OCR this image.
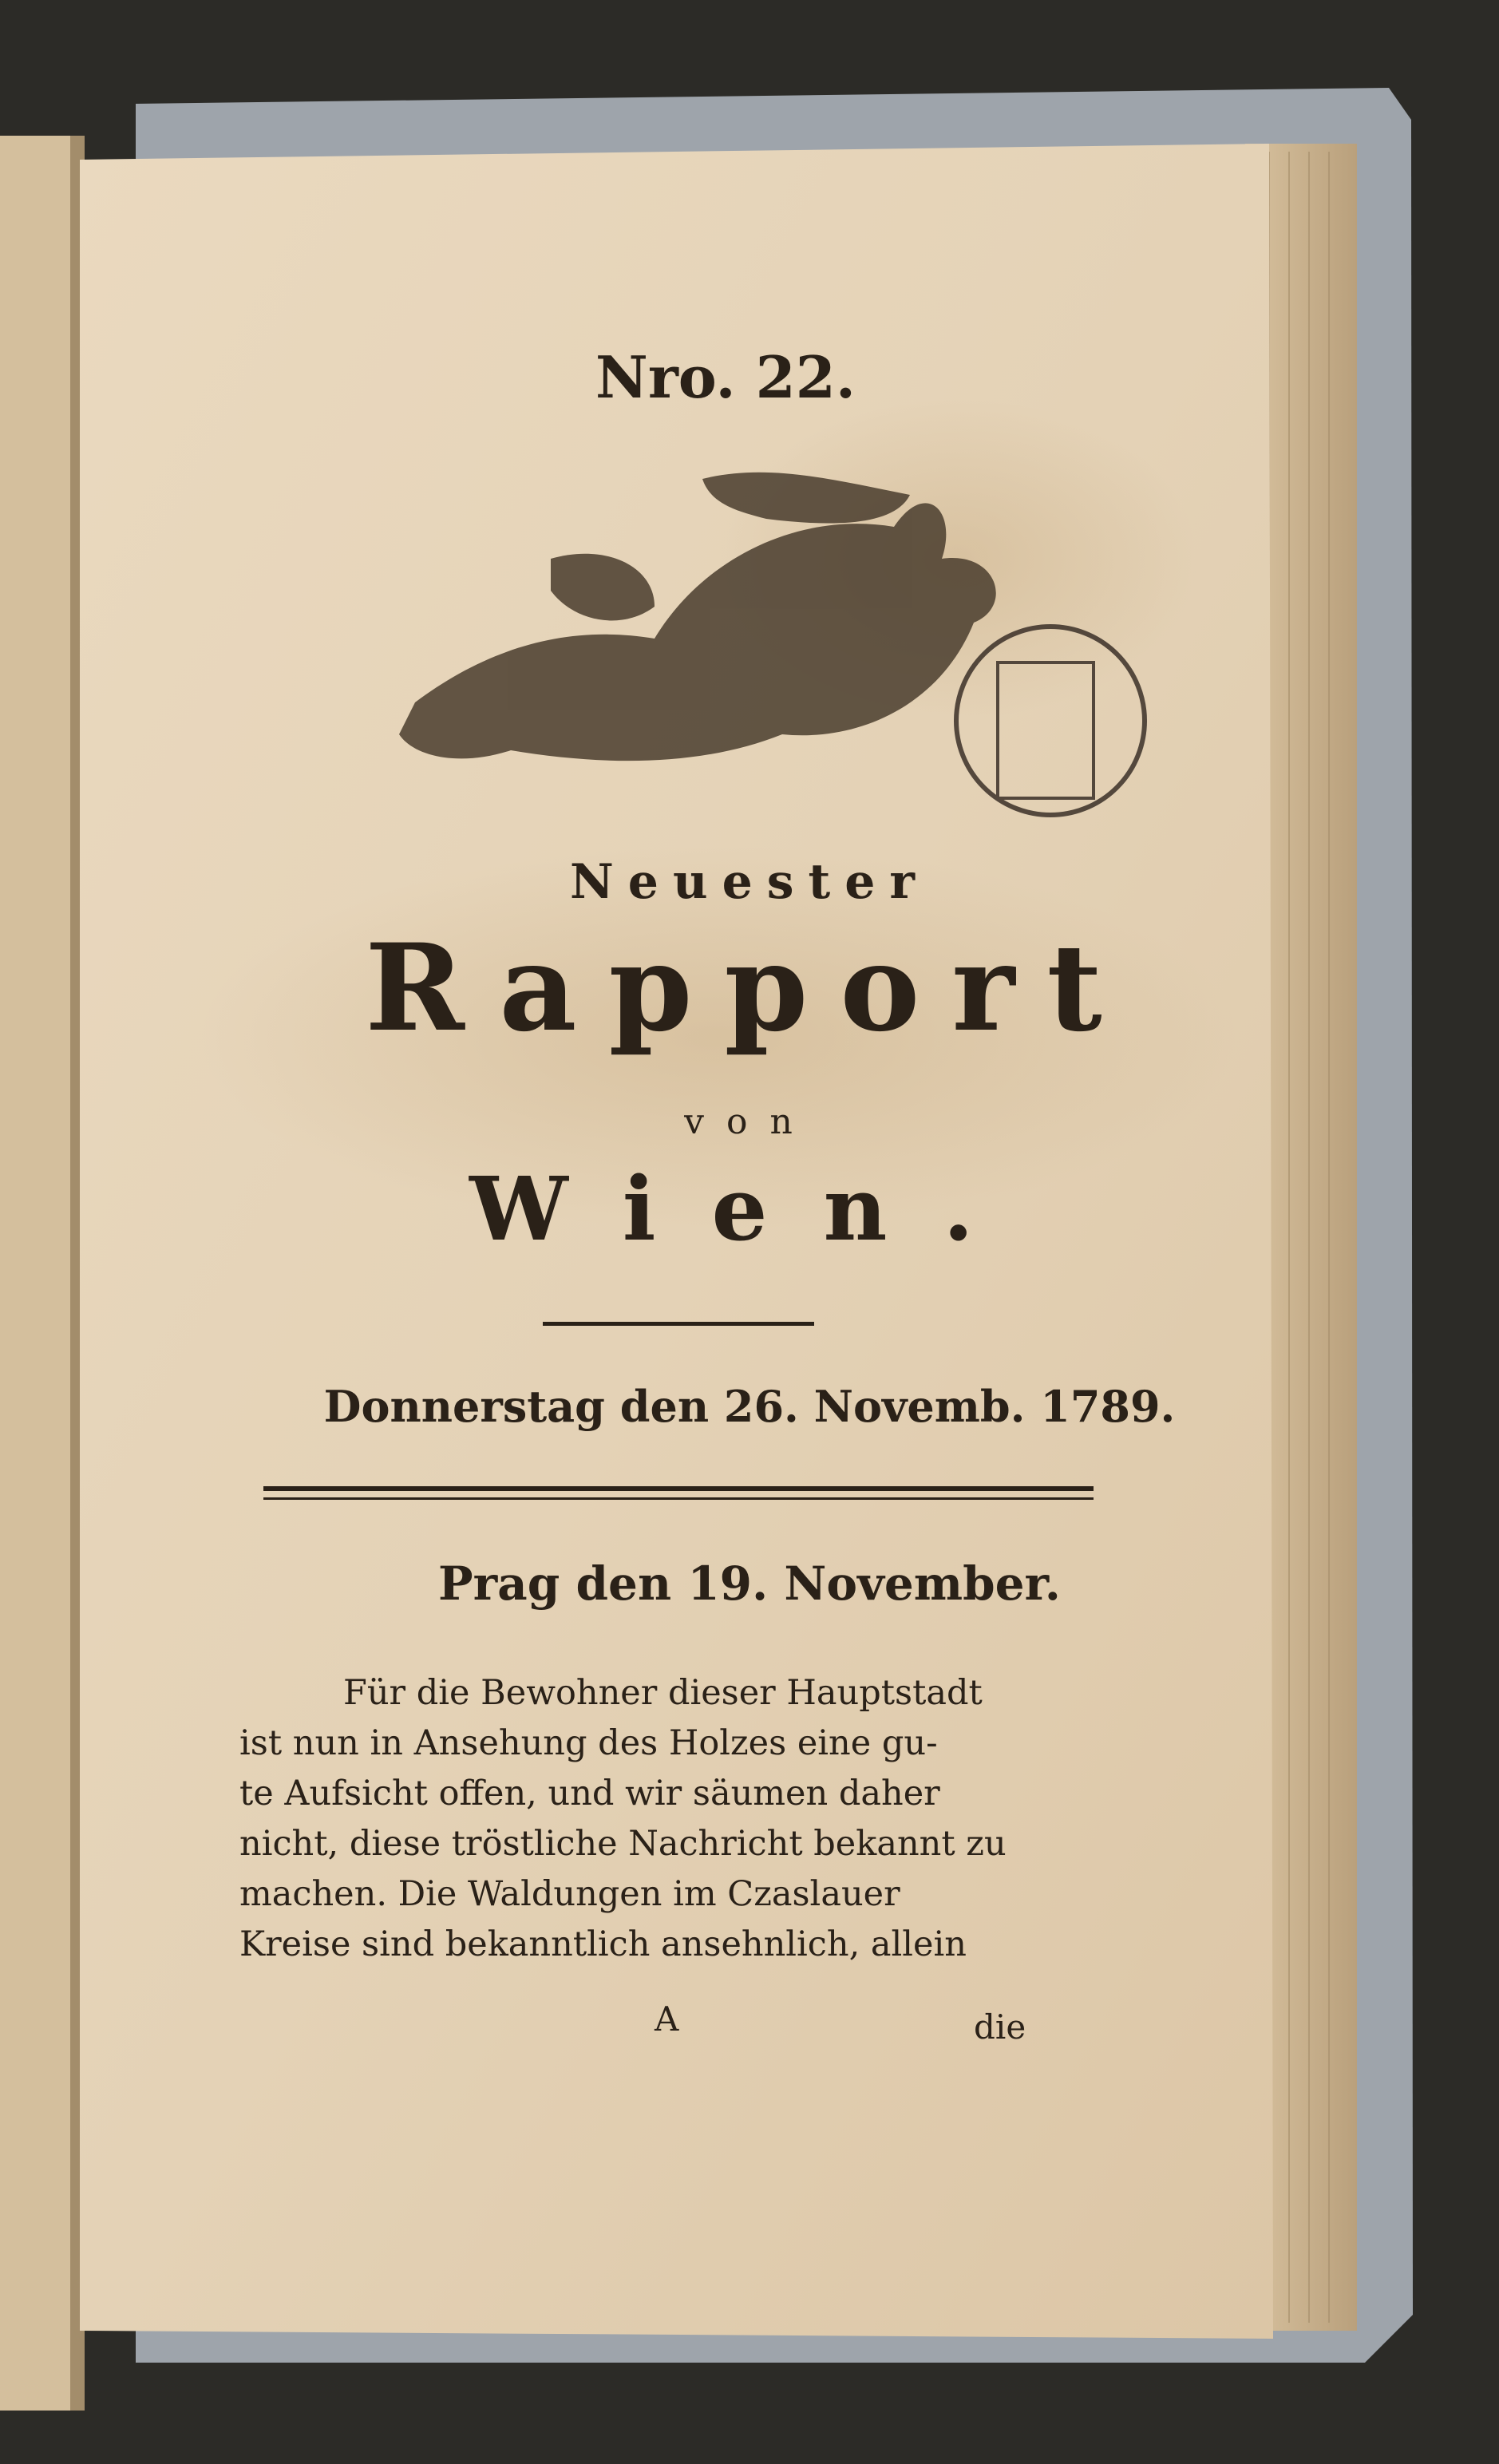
Nro. 22.
Neuester
Rapport
von
Wien.
Donnerstag den 26. Novemb. 1789.
Prag den 19. November.
Für die Bewohner dieser Hauptstadt
ist nun in Ansehung des Holzes eine gu-
te Aufsicht offen, und wir säumen daher
nicht, diese tröstliche Nachricht bekannt zu
machen. Die Waldungen im Czaslauer
Kreise sind bekanntlich ansehnlich, allein
A	die
